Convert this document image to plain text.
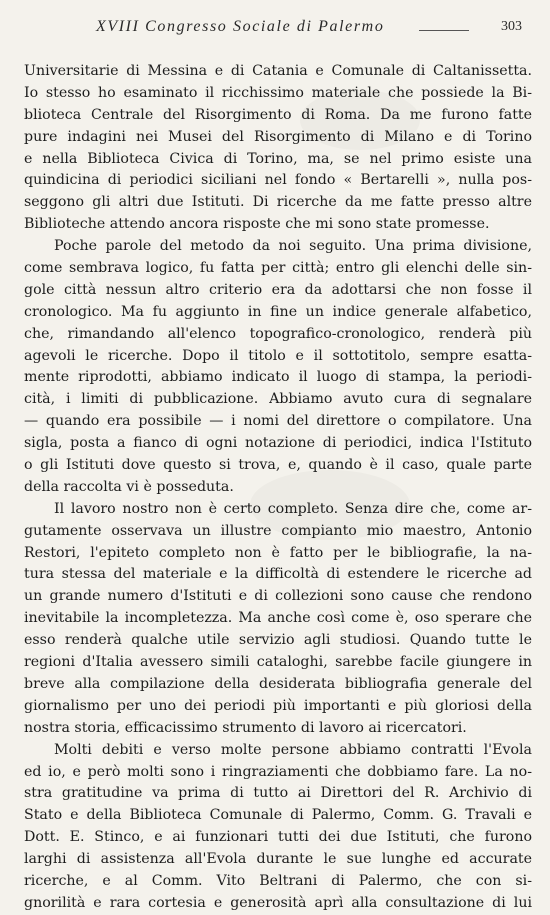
XVIII Congresso Sociale di Palermo	303
Universitarie di Messina e di Catania e Comunale di Caltanissetta.
Io stesso ho esaminato il ricchissimo materiale che possiede la Bi-
blioteca Centrale del Risorgimento di Roma. Da me furono fatte
pure indagini nei Musei del Risorgimento di Milano e di Torino
e nella Biblioteca Civica di Torino, ma, se nel primo esiste una
quindicina di periodici siciliani nel fondo « Bertarelli », nulla pos-
seggono gli altri due Istituti. Di ricerche da me fatte presso altre
Biblioteche attendo ancora risposte che mi sono state promesse.
Poche parole del metodo da noi seguito. Una prima divisione,
come sembrava logico, fu fatta per città; entro gli elenchi delle sin-
gole città nessun altro criterio era da adottarsi che non fosse il
cronologico. Ma fu aggiunto in fine un indice generale alfabetico,
che, rimandando all'elenco topografico-cronologico, renderà più
agevoli le ricerche. Dopo il titolo e il sottotitolo, sempre esatta-
mente riprodotti, abbiamo indicato il luogo di stampa, la periodi-
cità, i limiti di pubblicazione. Abbiamo avuto cura di segnalare
— quando era possibile — i nomi del direttore o compilatore. Una
sigla, posta a fianco di ogni notazione di periodici, indica l'Istituto
o gli Istituti dove questo si trova, e, quando è il caso, quale parte
della raccolta vi è posseduta.
Il lavoro nostro non è certo completo. Senza dire che, come ar-
gutamente osservava un illustre compianto mio maestro, Antonio
Restori, l'epiteto completo non è fatto per le bibliografie, la na-
tura stessa del materiale e la difficoltà di estendere le ricerche ad
un grande numero d'Istituti e di collezioni sono cause che rendono
inevitabile la incompletezza. Ma anche così come è, oso sperare che
esso renderà qualche utile servizio agli studiosi. Quando tutte le
regioni d'Italia avessero simili cataloghi, sarebbe facile giungere in
breve alla compilazione della desiderata bibliografia generale del
giornalismo per uno dei periodi più importanti e più gloriosi della
nostra storia, efficacissimo strumento di lavoro ai ricercatori.
Molti debiti e verso molte persone abbiamo contratti l'Evola
ed io, e però molti sono i ringraziamenti che dobbiamo fare. La no-
stra gratitudine va prima di tutto ai Direttori del R. Archivio di
Stato e della Biblioteca Comunale di Palermo, Comm. G. Travali e
Dott. E. Stinco, e ai funzionari tutti dei due Istituti, che furono
larghi di assistenza all'Evola durante le sue lunghe ed accurate
ricerche, e al Comm. Vito Beltrani di Palermo, che con si-
gnorilità e rara cortesia e generosità aprì alla consultazione di lui
